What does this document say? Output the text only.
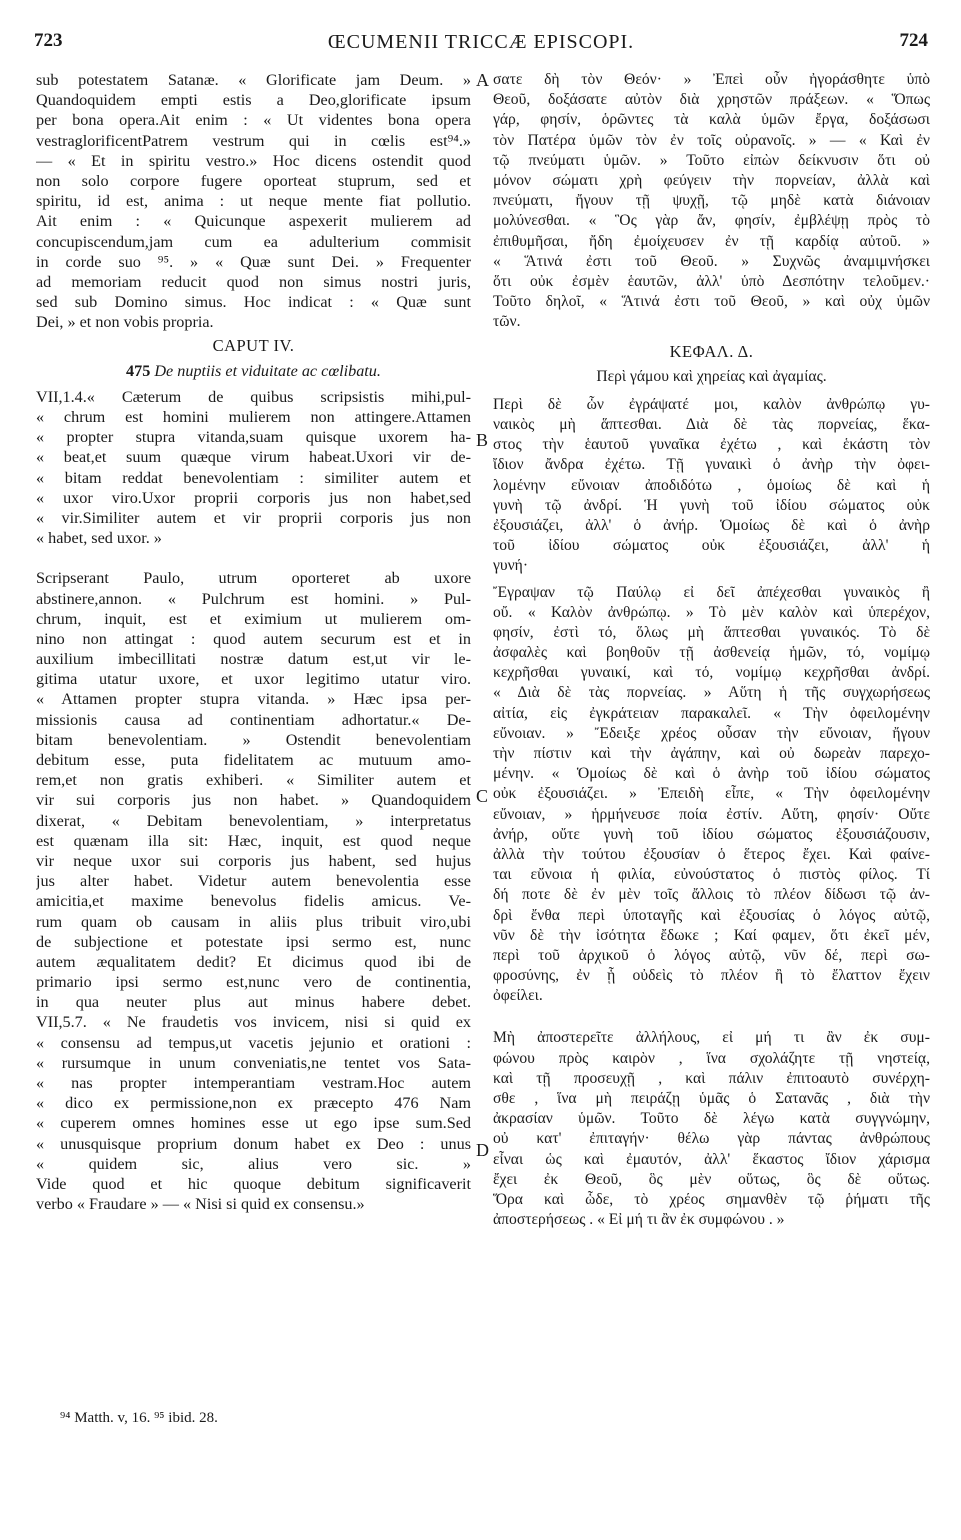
723	ŒCUMENII TRICCÆ EPISCOPI.	724
A
B
C
D
sub potestatem Satanæ. « Glorificate jam Deum. »
Quandoquidem empti estis a Deo,glorificate ipsum
per bona opera.Ait enim : « Ut videntes bona opera
vestraglorificentPatrem vestrum qui in cœlis est⁹⁴.»
— « Et in spiritu vestro.» Hoc dicens ostendit quod
non solo corpore fugere oporteat stuprum, sed et
spiritu, id est, anima : ut neque mente fiat pollutio.
Ait enim : « Quicunque aspexerit mulierem ad
concupiscendum,jam cum ea adulterium commisit
in corde suo ⁹⁵. » « Quæ sunt Dei. » Frequenter
ad memoriam reducit quod non simus nostri juris,
sed sub Domino simus. Hoc indicat : « Quæ sunt
Dei, » et non vobis propria.
CAPUT IV.
475 De nuptiis et viduitate ac cœlibatu.
VII,1.4.« Cæterum de quibus scripsistis mihi,pul-
« chrum est homini mulierem non attingere.Attamen
« propter stupra vitanda,suam quisque uxorem ha-
« beat,et suum quæque virum habeat.Uxori vir de-
« bitam reddat benevolentiam : similiter autem et
« uxor viro.Uxor proprii corporis jus non habet,sed
« vir.Similiter autem et vir proprii corporis jus non
« habet, sed uxor. »
Scripserant Paulo, utrum oporteret ab uxore
abstinere,annon. « Pulchrum est homini. » Pul-
chrum, inquit, est et eximium ut mulierem om-
nino non attingat : quod autem securum est et in
auxilium imbecillitati nostræ datum est,ut vir le-
gitima utatur uxore, et uxor legitimo utatur viro.
« Attamen propter stupra vitanda. » Hæc ipsa per-
missionis causa ad continentiam adhortatur.« De-
bitam benevolentiam. » Ostendit benevolentiam
debitum esse, puta fidelitatem ac mutuum amo-
rem,et non gratis exhiberi. « Similiter autem et
vir sui corporis jus non habet. » Quandoquidem
dixerat, « Debitam benevolentiam, » interpretatus
est quænam illa sit: Hæc, inquit, est quod neque
vir neque uxor sui corporis jus habent, sed hujus
jus alter habet. Videtur autem benevolentia esse
amicitia,et maxime benevolus fidelis amicus. Ve-
rum quam ob causam in aliis plus tribuit viro,ubi
de subjectione et potestate ipsi sermo est, nunc
autem æqualitatem dedit? Et dicimus quod ibi de
primario ipsi sermo est,nunc vero de continentia,
in qua neuter plus aut minus habere debet.
VII,5.7. « Ne fraudetis vos invicem, nisi si quid ex
« consensu ad tempus,ut vacetis jejunio et orationi :
« rursumque in unum conveniatis,ne tentet vos Sata-
« nas propter intemperantiam vestram.Hoc autem
« dico ex permissione,non ex præcepto 476 Nam
« cuperem omnes homines esse ut ego ipse sum.Sed
« unusquisque proprium donum habet ex Deo : unus
« quidem sic, alius vero sic. »
Vide quod et hic quoque debitum significaverit
verbo « Fraudare » — « Nisi si quid ex consensu.»
σατε δὴ τὸν Θεόν· » Ἐπεὶ οὖν ἠγοράσθητε ὑπὸ
Θεοῦ, δοξάσατε αὐτὸν διὰ χρηστῶν πράξεων. « Ὅπως
γάρ, φησίν, ὁρῶντες τὰ καλὰ ὑμῶν ἔργα, δοξάσωσι
τὸν Πατέρα ὑμῶν τὸν ἐν τοῖς οὐρανοῖς. » — « Καὶ ἐν
τῷ πνεύματι ὑμῶν. » Τοῦτο εἰπὼν δείκνυσιν ὅτι οὐ
μόνον σώματι χρὴ φεύγειν τὴν πορνείαν, ἀλλὰ καὶ
πνεύματι, ἤγουν τῇ ψυχῇ, τῷ μηδὲ κατὰ διάνοιαν
μολύνεσθαι. « Ὃς γὰρ ἄν, φησίν, ἐμβλέψῃ πρὸς τὸ
ἐπιθυμῆσαι, ἤδη ἐμοίχευσεν ἐν τῇ καρδίᾳ αὐτοῦ. »
« Ἅτινά ἐστι τοῦ Θεοῦ. » Συχνῶς ἀναμιμνήσκει
ὅτι οὐκ ἐσμὲν ἑαυτῶν, ἀλλ' ὑπὸ Δεσπότην τελοῦμεν.·
Τοῦτο δηλοῖ, « Ἅτινά ἐστι τοῦ Θεοῦ, » καὶ οὐχ ὑμῶν
τῶν.
ΚΕΦΑΛ. Δ.
Περὶ γάμου καὶ χηρείας καὶ ἀγαμίας.
Περὶ δὲ ὧν ἐγράψατέ μοι, καλὸν ἀνθρώπῳ γυ-
ναικὸς μὴ ἅπτεσθαι. Διὰ δὲ τὰς πορνείας, ἕκα-
στος τὴν ἑαυτοῦ γυναῖκα ἐχέτω , καὶ ἑκάστη τὸν
ἴδιον ἄνδρα ἐχέτω. Τῇ γυναικὶ ὁ ἀνὴρ τὴν ὀφει-
λομένην εὔνοιαν ἀποδιδότω , ὁμοίως δὲ καὶ ἡ
γυνὴ τῷ ἀνδρί. Ἡ γυνὴ τοῦ ἰδίου σώματος οὐκ
ἐξουσιάζει, ἀλλ' ὁ ἀνήρ. Ὁμοίως δὲ καὶ ὁ ἀνὴρ
τοῦ ἰδίου σώματος οὐκ ἐξουσιάζει, ἀλλ' ἡ
γυνή·
Ἔγραψαν τῷ Παύλῳ εἰ δεῖ ἀπέχεσθαι γυναικὸς ἢ
οὔ. « Καλὸν ἀνθρώπῳ. » Τὸ μὲν καλὸν καὶ ὑπερέχον,
φησίν, ἐστὶ τό, ὅλως μὴ ἅπτεσθαι γυναικός. Τὸ δὲ
ἀσφαλὲς καὶ βοηθοῦν τῇ ἀσθενείᾳ ἡμῶν, τό, νομίμῳ
κεχρῆσθαι γυναικί, καὶ τό, νομίμῳ κεχρῆσθαι ἀνδρί.
« Διὰ δὲ τὰς πορνείας. » Αὕτη ἡ τῆς συγχωρήσεως
αἰτία, εἰς ἐγκράτειαν παρακαλεῖ. « Τὴν ὀφειλομένην
εὔνοιαν. » Ἔδειξε χρέος οὖσαν τὴν εὔνοιαν, ἤγουν
τὴν πίστιν καὶ τὴν ἀγάπην, καὶ οὐ δωρεὰν παρεχο-
μένην. « Ὁμοίως δὲ καὶ ὁ ἀνὴρ τοῦ ἰδίου σώματος
οὐκ ἐξουσιάζει. » Ἐπειδὴ εἶπε, « Τὴν ὀφειλομένην
εὔνοιαν, » ἡρμήνευσε ποία ἐστίν. Αὕτη, φησίν· Οὔτε
ἀνήρ, οὔτε γυνὴ τοῦ ἰδίου σώματος ἐξουσιάζουσιν,
ἀλλὰ τὴν τούτου ἐξουσίαν ὁ ἕτερος ἔχει. Καὶ φαίνε-
ται εὔνοια ἡ φιλία, εὐνούστατος ὁ πιστὸς φίλος. Τί
δή ποτε δὲ ἐν μὲν τοῖς ἄλλοις τὸ πλέον δίδωσι τῷ ἀν-
δρὶ ἔνθα περὶ ὑποταγῆς καὶ ἐξουσίας ὁ λόγος αὐτῷ,
νῦν δὲ τὴν ἰσότητα ἔδωκε ; Καί φαμεν, ὅτι ἐκεῖ μέν,
περὶ τοῦ ἀρχικοῦ ὁ λόγος αὐτῷ, νῦν δέ, περὶ σω-
φροσύνης, ἐν ᾗ οὐδεὶς τὸ πλέον ἢ τὸ ἔλαττον ἔχειν
ὀφείλει.
Μὴ ἀποστερεῖτε ἀλλήλους, εἰ μή τι ἂν ἐκ συμ-
φώνου πρὸς καιρὸν , ἵνα σχολάζητε τῇ νηστείᾳ,
καὶ τῇ προσευχῇ , καὶ πάλιν ἐπιτοαυτὸ συνέρχη-
σθε , ἵνα μὴ πειράζῃ ὑμᾶς ὁ Σατανᾶς , διὰ τὴν
ἀκρασίαν ὑμῶν. Τοῦτο δὲ λέγω κατὰ συγγνώμην,
οὐ κατ' ἐπιταγήν· θέλω γὰρ πάντας ἀνθρώπους
εἶναι ὡς καὶ ἐμαυτόν, ἀλλ' ἕκαστος ἴδιον χάρισμα
ἔχει ἐκ Θεοῦ, ὃς μὲν οὕτως, ὃς δὲ οὕτως.
Ὅρα καὶ ὧδε, τὸ χρέος σημανθὲν τῷ ῥήματι τῆς
ἀποστερήσεως . « Εἰ μή τι ἂν ἐκ συμφώνου . »
⁹⁴ Matth. v, 16. ⁹⁵ ibid. 28.
